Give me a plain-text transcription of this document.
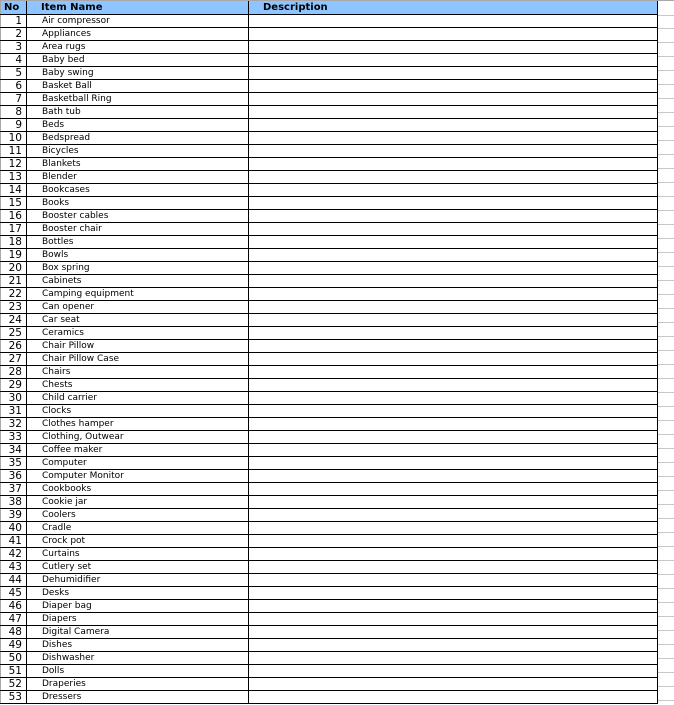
No	Item Name	Description
1	Air compressor	
2	Appliances	
3	Area rugs	
4	Baby bed	
5	Baby swing	
6	Basket Ball	
7	Basketball Ring	
8	Bath tub	
9	Beds	
10	Bedspread	
11	Bicycles	
12	Blankets	
13	Blender	
14	Bookcases	
15	Books	
16	Booster cables	
17	Booster chair	
18	Bottles	
19	Bowls	
20	Box spring	
21	Cabinets	
22	Camping equipment	
23	Can opener	
24	Car seat	
25	Ceramics	
26	Chair Pillow	
27	Chair Pillow Case	
28	Chairs	
29	Chests	
30	Child carrier	
31	Clocks	
32	Clothes hamper	
33	Clothing, Outwear	
34	Coffee maker	
35	Computer	
36	Computer Monitor	
37	Cookbooks	
38	Cookie jar	
39	Coolers	
40	Cradle	
41	Crock pot	
42	Curtains	
43	Cutlery set	
44	Dehumidifier	
45	Desks	
46	Diaper bag	
47	Diapers	
48	Digital Camera	
49	Dishes	
50	Dishwasher	
51	Dolls	
52	Draperies	
53	Dressers	
